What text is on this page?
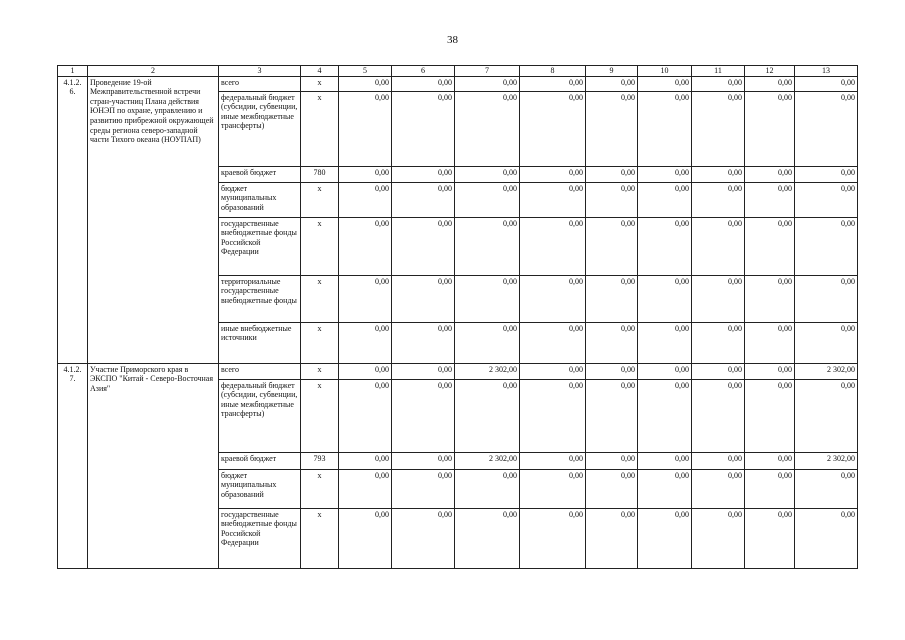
38
1	2	3	4	5	6	7	8	9	10	11	12	13
4.1.2.
6.	Проведение 19-ой Межправительственной встречи стран-участниц Плана действия ЮНЭП по охране, управлению и развитию прибрежной окружающей среды региона северо-западной части Тихого океана (НОУПАП)	всего	х	0,00	0,00	0,00	0,00	0,00	0,00	0,00	0,00	0,00
		федеральный бюджет (субсидии, субвенции, иные межбюджетные трансферты)	х	0,00	0,00	0,00	0,00	0,00	0,00	0,00	0,00	0,00
		краевой бюджет	780	0,00	0,00	0,00	0,00	0,00	0,00	0,00	0,00	0,00
		бюджет муниципальных образований	х	0,00	0,00	0,00	0,00	0,00	0,00	0,00	0,00	0,00
		государственные внебюджетные фонды Российской Федерации	х	0,00	0,00	0,00	0,00	0,00	0,00	0,00	0,00	0,00
		территориальные государственные внебюджетные фонды	х	0,00	0,00	0,00	0,00	0,00	0,00	0,00	0,00	0,00
		иные внебюджетные источники	х	0,00	0,00	0,00	0,00	0,00	0,00	0,00	0,00	0,00
4.1.2.
7.	Участие Приморского края в ЭКСПО "Китай - Северо-Восточная Азия"	всего	х	0,00	0,00	2 302,00	0,00	0,00	0,00	0,00	0,00	2 302,00
		федеральный бюджет (субсидии, субвенции, иные межбюджетные трансферты)	х	0,00	0,00	0,00	0,00	0,00	0,00	0,00	0,00	0,00
		краевой бюджет	793	0,00	0,00	2 302,00	0,00	0,00	0,00	0,00	0,00	2 302,00
		бюджет муниципальных образований	х	0,00	0,00	0,00	0,00	0,00	0,00	0,00	0,00	0,00
		государственные внебюджетные фонды Российской Федерации	х	0,00	0,00	0,00	0,00	0,00	0,00	0,00	0,00	0,00
